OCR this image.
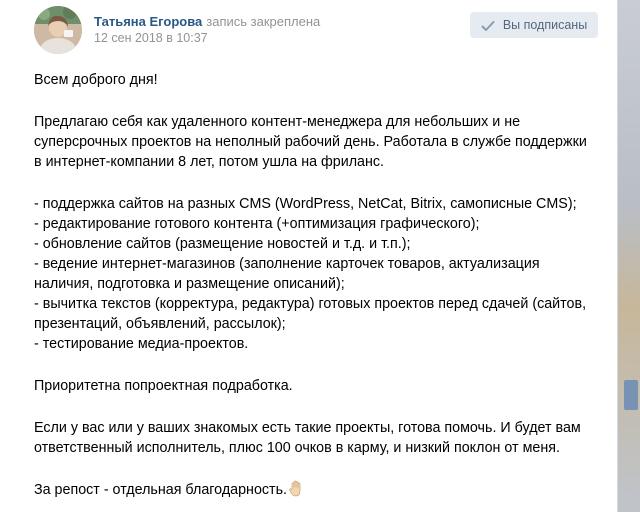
Татьяна Егорова запись закреплена
12 сен 2018 в 10:37
Вы подписаны

Всем доброго дня!

Предлагаю себя как удаленного контент-менеджера для небольших и не суперсрочных проектов на неполный рабочий день. Работала в службе поддержки в интернет-компании 8 лет, потом ушла на фриланс.

- поддержка сайтов на разных CMS (WordPress, NetCat, Bitrix, самописные CMS);
- редактирование готового контента (+оптимизация графического);
- обновление сайтов (размещение новостей и т.д. и т.п.);
- ведение интернет-магазинов (заполнение карточек товаров, актуализация наличия, подготовка и размещение описаний);
- вычитка текстов (корректура, редактура) готовых проектов перед сдачей (сайтов, презентаций, объявлений, рассылок);
- тестирование медиа-проектов.

Приоритетна попроектная подработка.

Если у вас или у ваших знакомых есть такие проекты, готова помочь. И будет вам ответственный исполнитель, плюс 100 очков в карму, и низкий поклон от меня.

За репост - отдельная благодарность.
